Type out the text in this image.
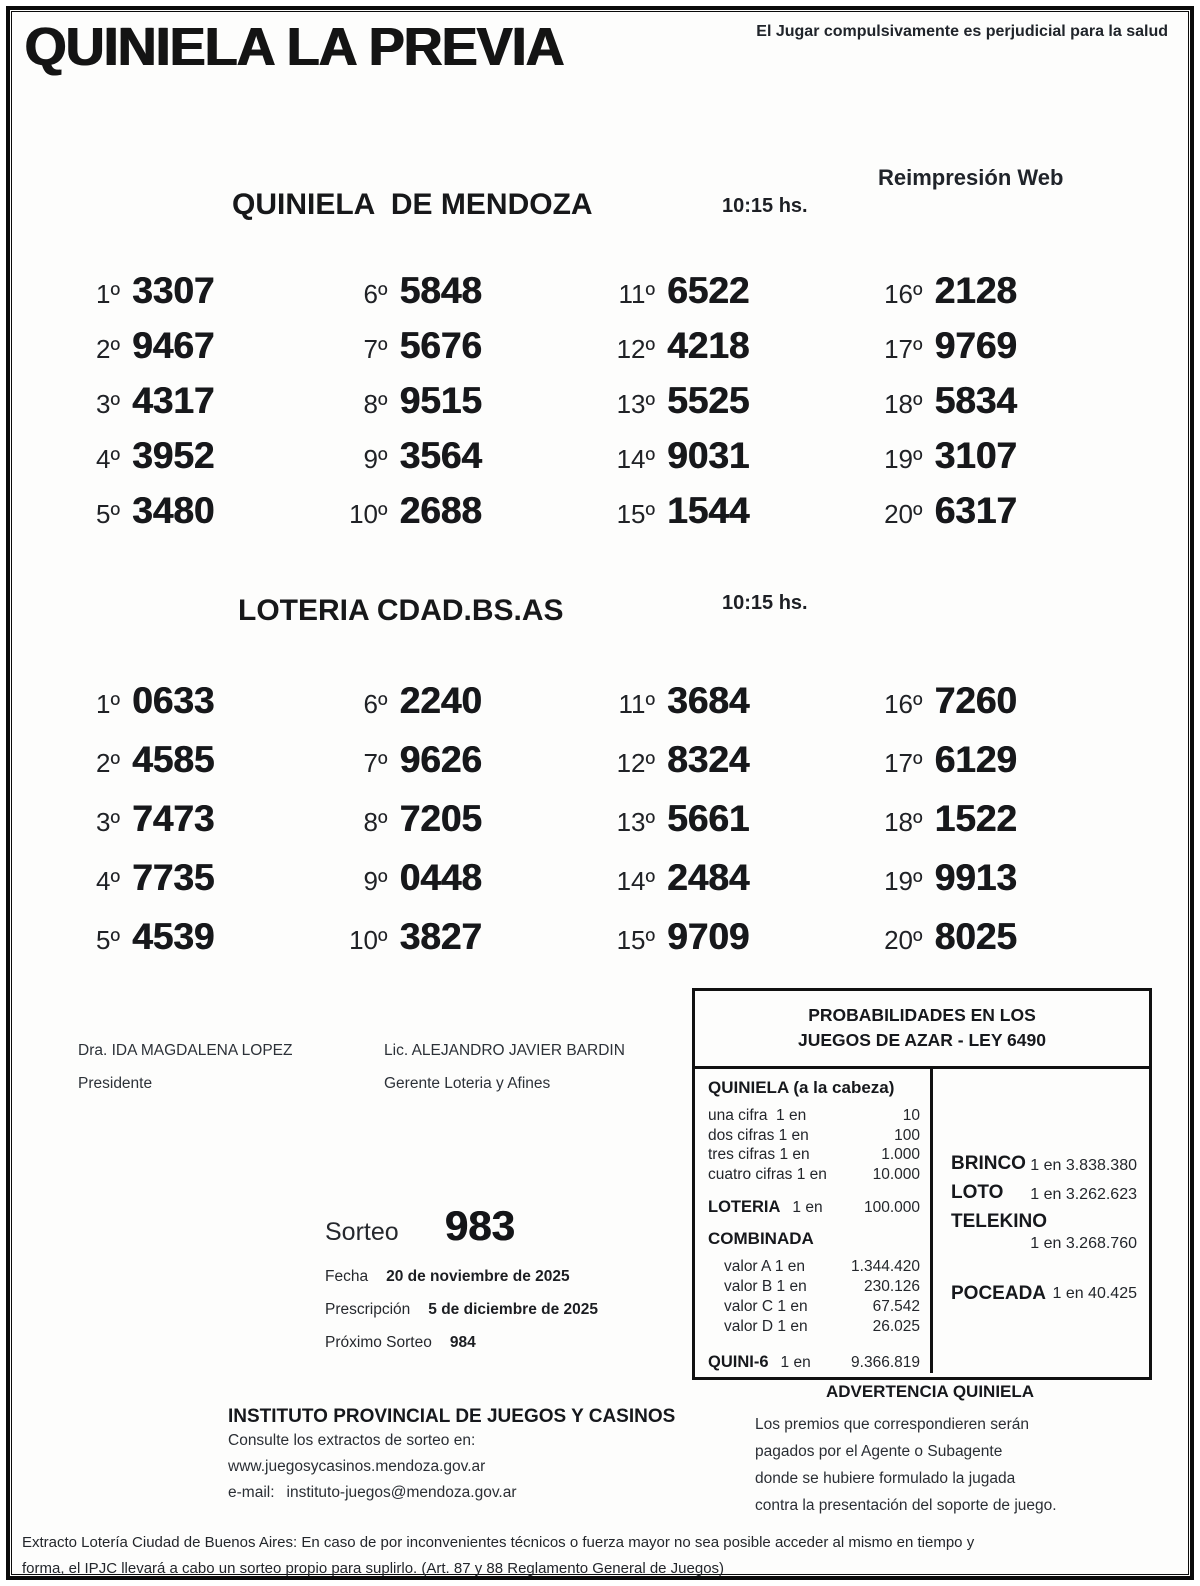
QUINIELA LA PREVIA	El Jugar compulsivamente es perjudicial para la salud
Reimpresión Web
QUINIELA  DE MENDOZA	10:15 hs.
1º 3307
2º 9467
3º 4317
4º 3952
5º 3480
6º 5848
7º 5676
8º 9515
9º 3564
10º 2688
11º 6522
12º 4218
13º 5525
14º 9031
15º 1544
16º 2128
17º 9769
18º 5834
19º 3107
20º 6317
LOTERIA CDAD.BS.AS	10:15 hs.
1º 0633
2º 4585
3º 7473
4º 7735
5º 4539
6º 2240
7º 9626
8º 7205
9º 0448
10º 3827
11º 3684
12º 8324
13º 5661
14º 2484
15º 9709
16º 7260
17º 6129
18º 1522
19º 9913
20º 8025
Dra. IDA MAGDALENA LOPEZ
Presidente
Lic. ALEJANDRO JAVIER BARDIN
Gerente Loteria y Afines
PROBABILIDADES EN LOS
JUEGOS DE AZAR - LEY 6490
QUINIELA (a la cabeza)
una cifra  1 en	10
dos cifras 1 en	100
tres cifras 1 en	1.000
cuatro cifras 1 en	10.000
LOTERIA 1 en	100.000
COMBINADA
valor A 1 en	1.344.420
valor B 1 en	230.126
valor C 1 en	67.542
valor D 1 en	26.025
QUINI-6 1 en	9.366.819
BRINCO 1 en 3.838.380
LOTO 1 en 3.262.623
TELEKINO
1 en 3.268.760
POCEADA 1 en 40.425
Sorteo 983
Fecha 20 de noviembre de 2025
Prescripción 5 de diciembre de 2025
Próximo Sorteo 984
ADVERTENCIA QUINIELA
Los premios que correspondieren serán
pagados por el Agente o Subagente
donde se hubiere formulado la jugada
contra la presentación del soporte de juego.
INSTITUTO PROVINCIAL DE JUEGOS Y CASINOS
Consulte los extractos de sorteo en:
www.juegosycasinos.mendoza.gov.ar
e-mail: instituto-juegos@mendoza.gov.ar
Extracto Lotería Ciudad de Buenos Aires: En caso de por inconvenientes técnicos o fuerza mayor no sea posible acceder al mismo en tiempo y
forma, el IPJC llevará a cabo un sorteo propio para suplirlo. (Art. 87 y 88 Reglamento General de Juegos)
